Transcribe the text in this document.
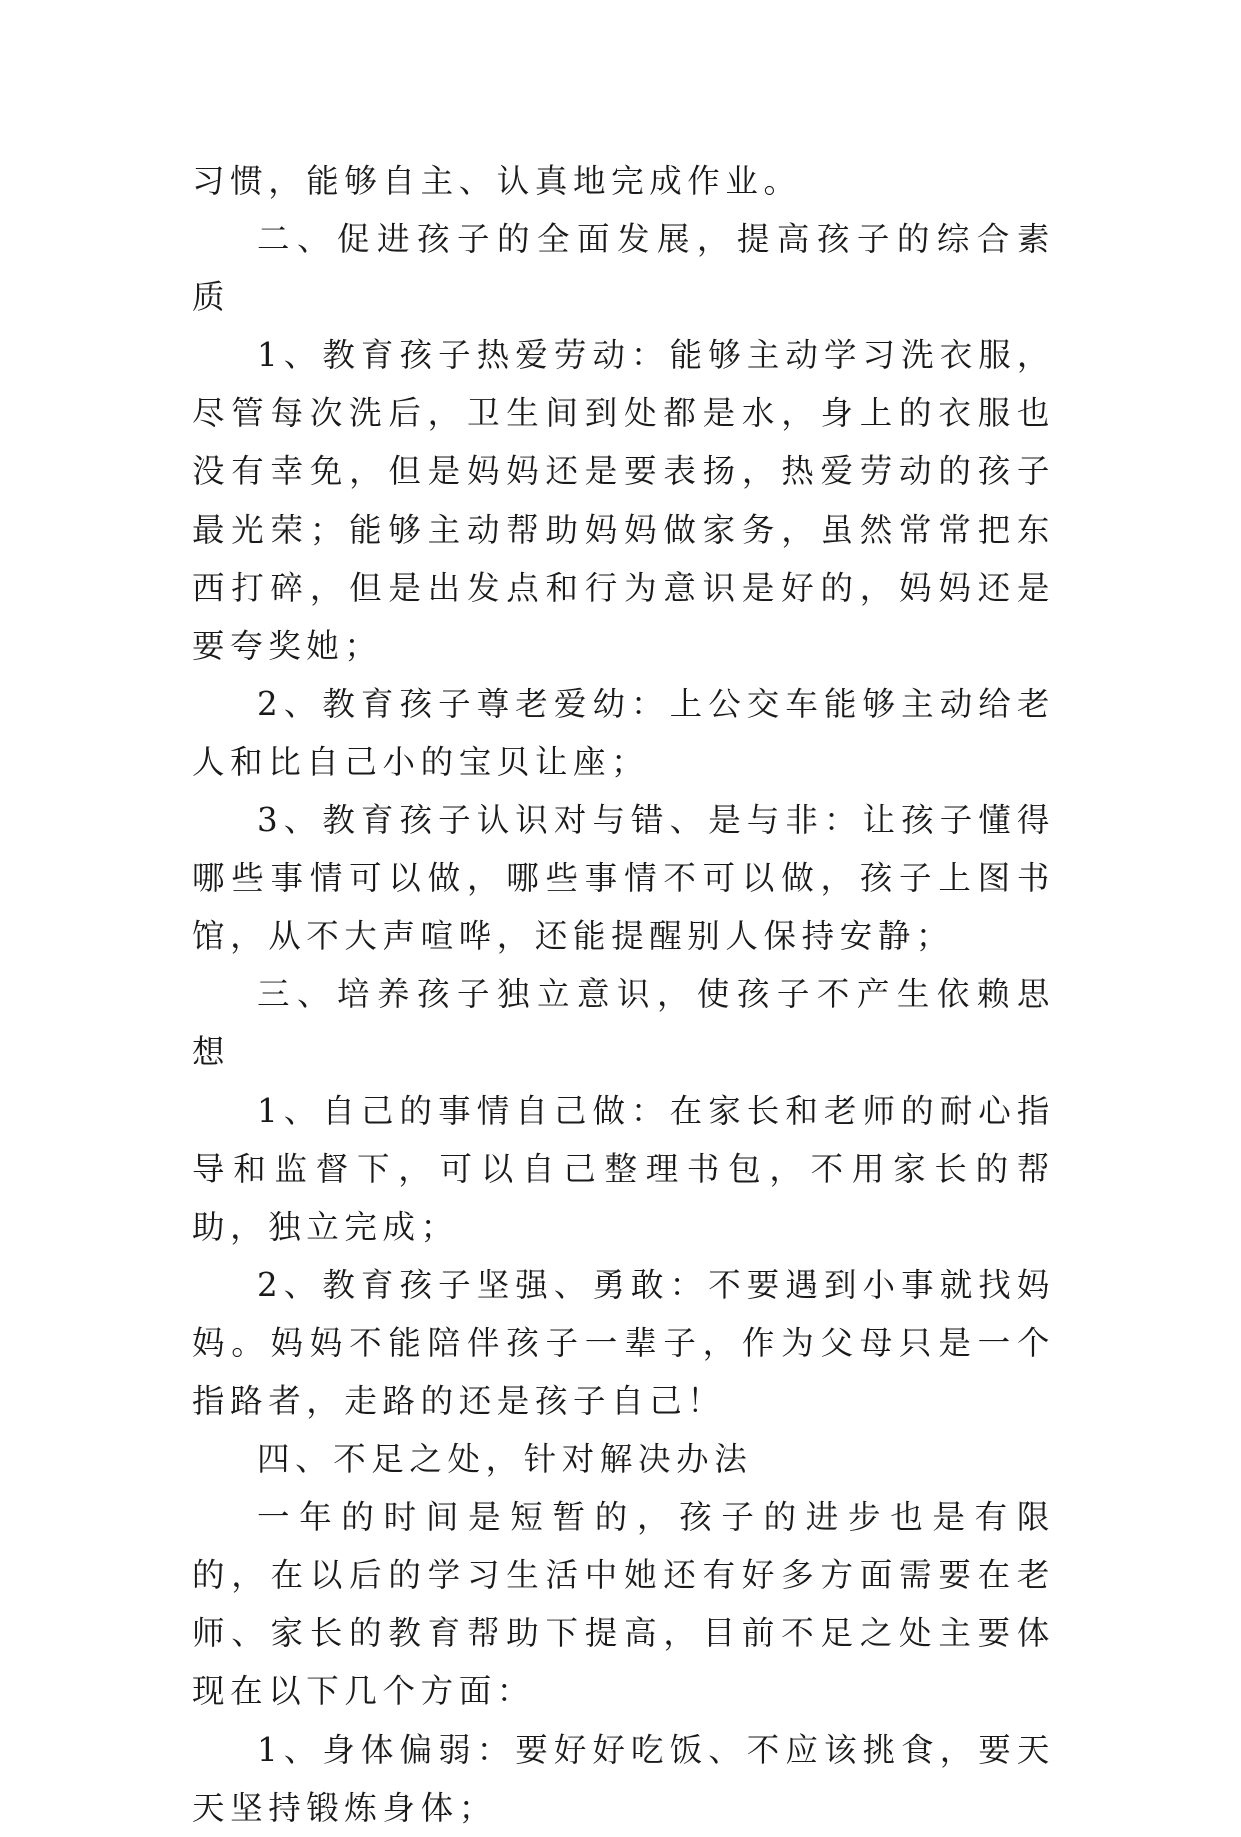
习惯，能够自主、认真地完成作业。

二、促进孩子的全面发展，提高孩子的综合素质

1、教育孩子热爱劳动：能够主动学习洗衣服，尽管每次洗后，卫生间到处都是水，身上的衣服也没有幸免，但是妈妈还是要表扬，热爱劳动的孩子最光荣；能够主动帮助妈妈做家务，虽然常常把东西打碎，但是出发点和行为意识是好的，妈妈还是要夸奖她；

2、教育孩子尊老爱幼：上公交车能够主动给老人和比自己小的宝贝让座；

3、教育孩子认识对与错、是与非：让孩子懂得哪些事情可以做，哪些事情不可以做，孩子上图书馆，从不大声喧哗，还能提醒别人保持安静；

三、培养孩子独立意识，使孩子不产生依赖思想

1、自己的事情自己做：在家长和老师的耐心指导和监督下，可以自己整理书包，不用家长的帮助，独立完成；

2、教育孩子坚强、勇敢：不要遇到小事就找妈妈。妈妈不能陪伴孩子一辈子，作为父母只是一个指路者，走路的还是孩子自己！

四、不足之处，针对解决办法

一年的时间是短暂的，孩子的进步也是有限的，在以后的学习生活中她还有好多方面需要在老师、家长的教育帮助下提高，目前不足之处主要体现在以下几个方面：

1、身体偏弱：要好好吃饭、不应该挑食，要天天坚持锻炼身体；
